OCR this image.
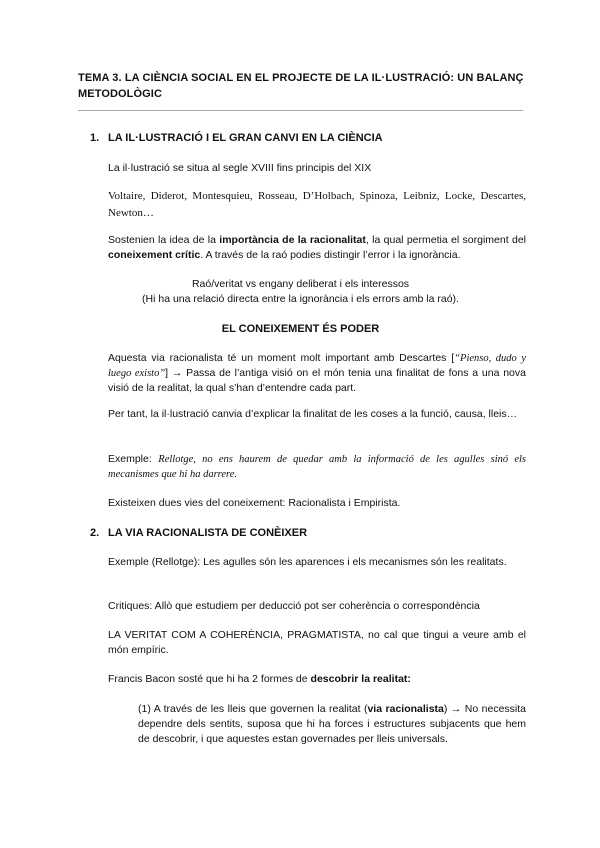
TEMA 3. LA CIÈNCIA SOCIAL EN EL PROJECTE DE LA IL·LUSTRACIÓ: UN BALANÇ METODOLÒGIC
1. LA IL·LUSTRACIÓ I EL GRAN CANVI EN LA CIÈNCIA
La il·lustració se situa al segle XVIII fins principis del XIX
Voltaire, Diderot, Montesquieu, Rosseau, D’Holbach, Spinoza, Leibniz, Locke, Descartes, Newton…
Sostenien la idea de la importància de la racionalitat, la qual permetia el sorgiment del coneixement crític. A través de la raó podies distingir l’error i la ignorància.
Raó/veritat vs engany deliberat i els interessos
(Hi ha una relació directa entre la ignorància i els errors amb la raó).
EL CONEIXEMENT ÉS PODER
Aquesta via racionalista té un moment molt important amb Descartes [“Pienso, dudo y luego existo”] → Passa de l’antiga visió on el món tenia una finalitat de fons a una nova visió de la realitat, la qual s’han d’entendre cada part.
Per tant, la il·lustració canvia d’explicar la finalitat de les coses a la funció, causa, lleis…
Exemple: Rellotge, no ens haurem de quedar amb la informació de les agulles sinó els mecanismes que hi ha darrere.
Existeixen dues vies del coneixement: Racionalista i Empirista.
2. LA VIA RACIONALISTA DE CONÈIXER
Exemple (Rellotge): Les agulles són les aparences i els mecanismes són les realitats.
Critiques: Allò que estudiem per deducció pot ser coherència o correspondència
LA VERITAT COM A COHERÈNCIA, PRAGMATISTA, no cal que tingui a veure amb el món empíric.
Francis Bacon sosté que hi ha 2 formes de descobrir la realitat:
(1) A través de les lleis que governen la realitat (via racionalista) → No necessita dependre dels sentits, suposa que hi ha forces i estructures subjacents que hem de descobrir, i que aquestes estan governades per lleis universals.
